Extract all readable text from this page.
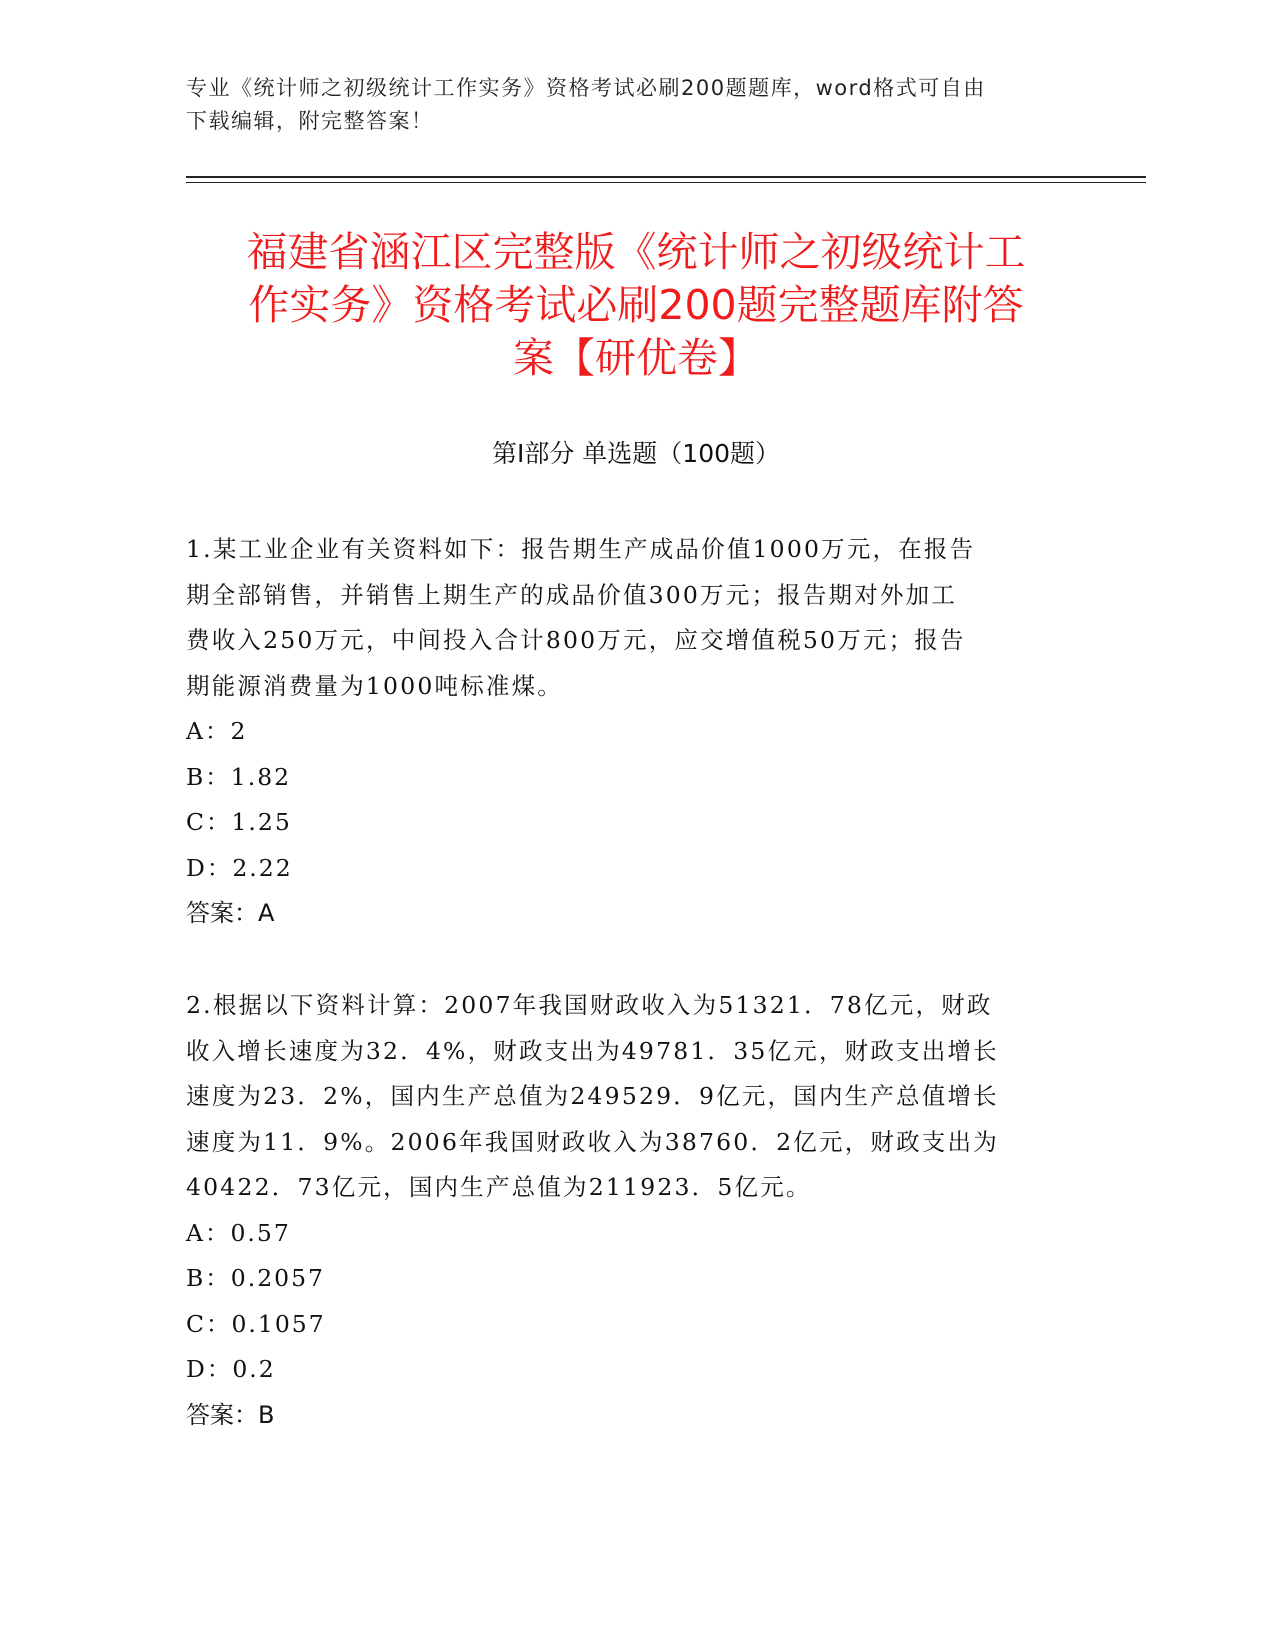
专业《统计师之初级统计工作实务》资格考试必刷200题题库，word格式可自由
下载编辑，附完整答案！
福建省涵江区完整版《统计师之初级统计工
作实务》资格考试必刷200题完整题库附答
案【研优卷】
第I部分 单选题（100题）

1.某工业企业有关资料如下：报告期生产成品价值1000万元，在报告

期全部销售，并销售上期生产的成品价值300万元；报告期对外加工

费收入250万元，中间投入合计800万元，应交增值税50万元；报告

期能源消费量为1000吨标准煤。

A：2

B：1.82

C：1.25

D：2.22

答案：A

2.根据以下资料计算：2007年我国财政收入为51321．78亿元，财政

收入增长速度为32．4%，财政支出为49781．35亿元，财政支出增长

速度为23．2%，国内生产总值为249529．9亿元，国内生产总值增长

速度为11．9%。2006年我国财政收入为38760．2亿元，财政支出为

40422．73亿元，国内生产总值为211923．5亿元。

A：0.57

B：0.2057

C：0.1057

D：0.2

答案：B
